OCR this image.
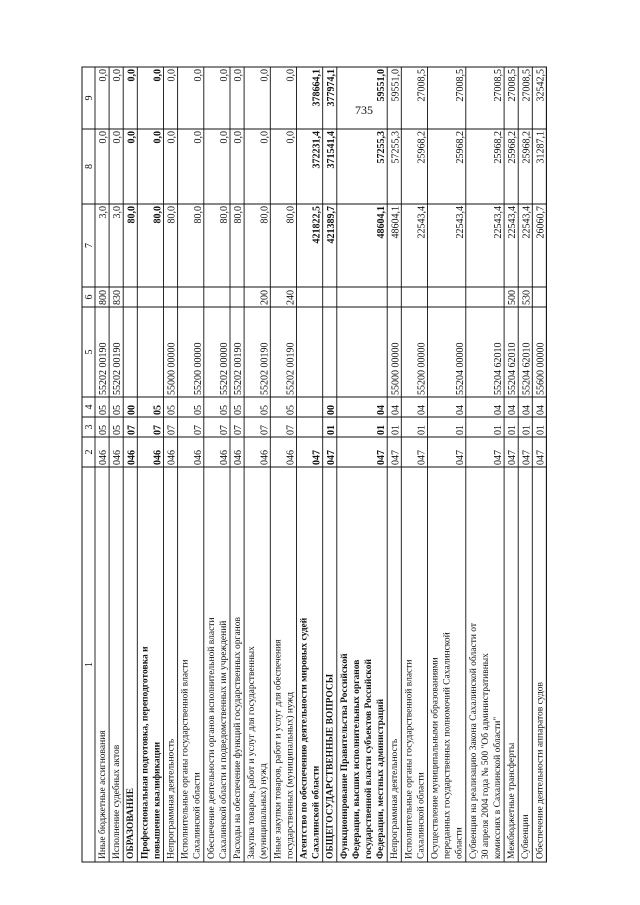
735
1
2
3
4
5
6
7
8
9
Иные бюджетные ассигнования
046
05
05
55202 00190
800
3,0
0,0
0,0
Исполнение судебных актов
046
05
05
55202 00190
830
3,0
0,0
0,0
ОБРАЗОВАНИЕ
046
07
00
80,0
0,0
0,0
Профессиональная подготовка, переподготовка и повышение квалификации
046
07
05
80,0
0,0
0,0
Непрограммная деятельность
046
07
05
55000 00000
80,0
0,0
0,0
Исполнительные органы государственной власти Сахалинской области
046
07
05
55200 00000
80,0
0,0
0,0
Обеспечение деятельности органов исполнительной власти Сахалинской области и подведомственных им учреждений
046
07
05
55202 00000
80,0
0,0
0,0
Расходы на обеспечение функций государственных органов
046
07
05
55202 00190
80,0
0,0
0,0
Закупка товаров, работ и услуг для государственных (муниципальных) нужд
046
07
05
55202 00190
200
80,0
0,0
0,0
Иные закупки товаров, работ и услуг для обеспечения государственных (муниципальных) нужд
046
07
05
55202 00190
240
80,0
0,0
0,0
Агентство по обеспечению деятельности мировых судей Сахалинской области
047
421822,5
372231,4
378664,1
ОБЩЕГОСУДАРСТВЕННЫЕ ВОПРОСЫ
047
01
00
421389,7
371541,4
377974,1
Функционирование Правительства Российской Федерации, высших исполнительных органов государственной власти субъектов Российской Федерации, местных администраций
047
01
04
48604,1
57255,3
59551,0
Непрограммная деятельность
047
01
04
55000 00000
48604,1
57255,3
59551,0
Исполнительные органы государственной власти Сахалинской области
047
01
04
55200 00000
22543,4
25968,2
27008,5
Осуществление муниципальными образованиями переданных государственных полномочий Сахалинской области
047
01
04
55204 00000
22543,4
25968,2
27008,5
Субвенция на реализацию Закона Сахалинской области от 30 апреля 2004 года № 500 "Об административных комиссиях в Сахалинской области"
047
01
04
55204 62010
22543,4
25968,2
27008,5
Межбюджетные трансферты
047
01
04
55204 62010
500
22543,4
25968,2
27008,5
Субвенции
047
01
04
55204 62010
530
22543,4
25968,2
27008,5
Обеспечение деятельности аппаратов судов
047
01
04
55600 00000
26060,7
31287,1
32542,5
